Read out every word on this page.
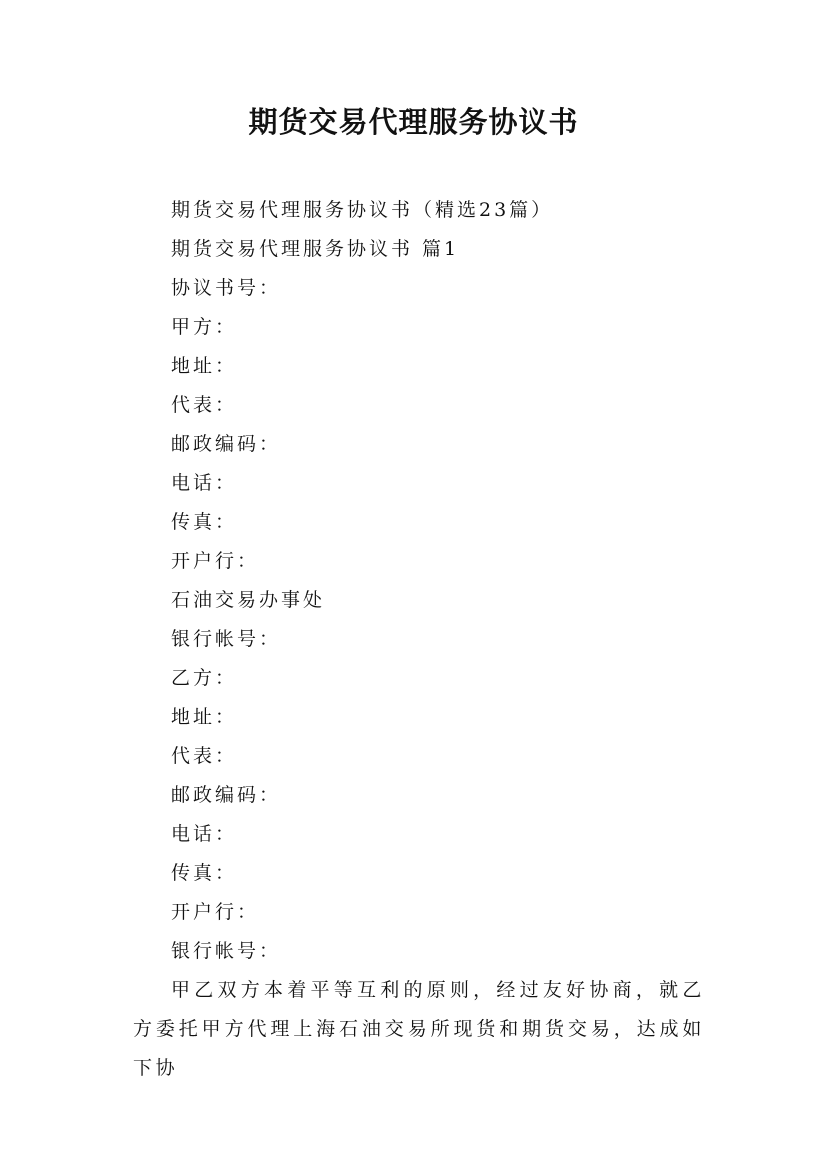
期货交易代理服务协议书
期货交易代理服务协议书（精选23篇）
期货交易代理服务协议书 篇1
协议书号：
甲方：
地址：
代表：
邮政编码：
电话：
传真：
开户行：
石油交易办事处
银行帐号：
乙方：
地址：
代表：
邮政编码：
电话：
传真：
开户行：
银行帐号：

甲乙双方本着平等互利的原则，经过友好协商，就乙方委托甲方代理上海石油交易所现货和期货交易，达成如下协
